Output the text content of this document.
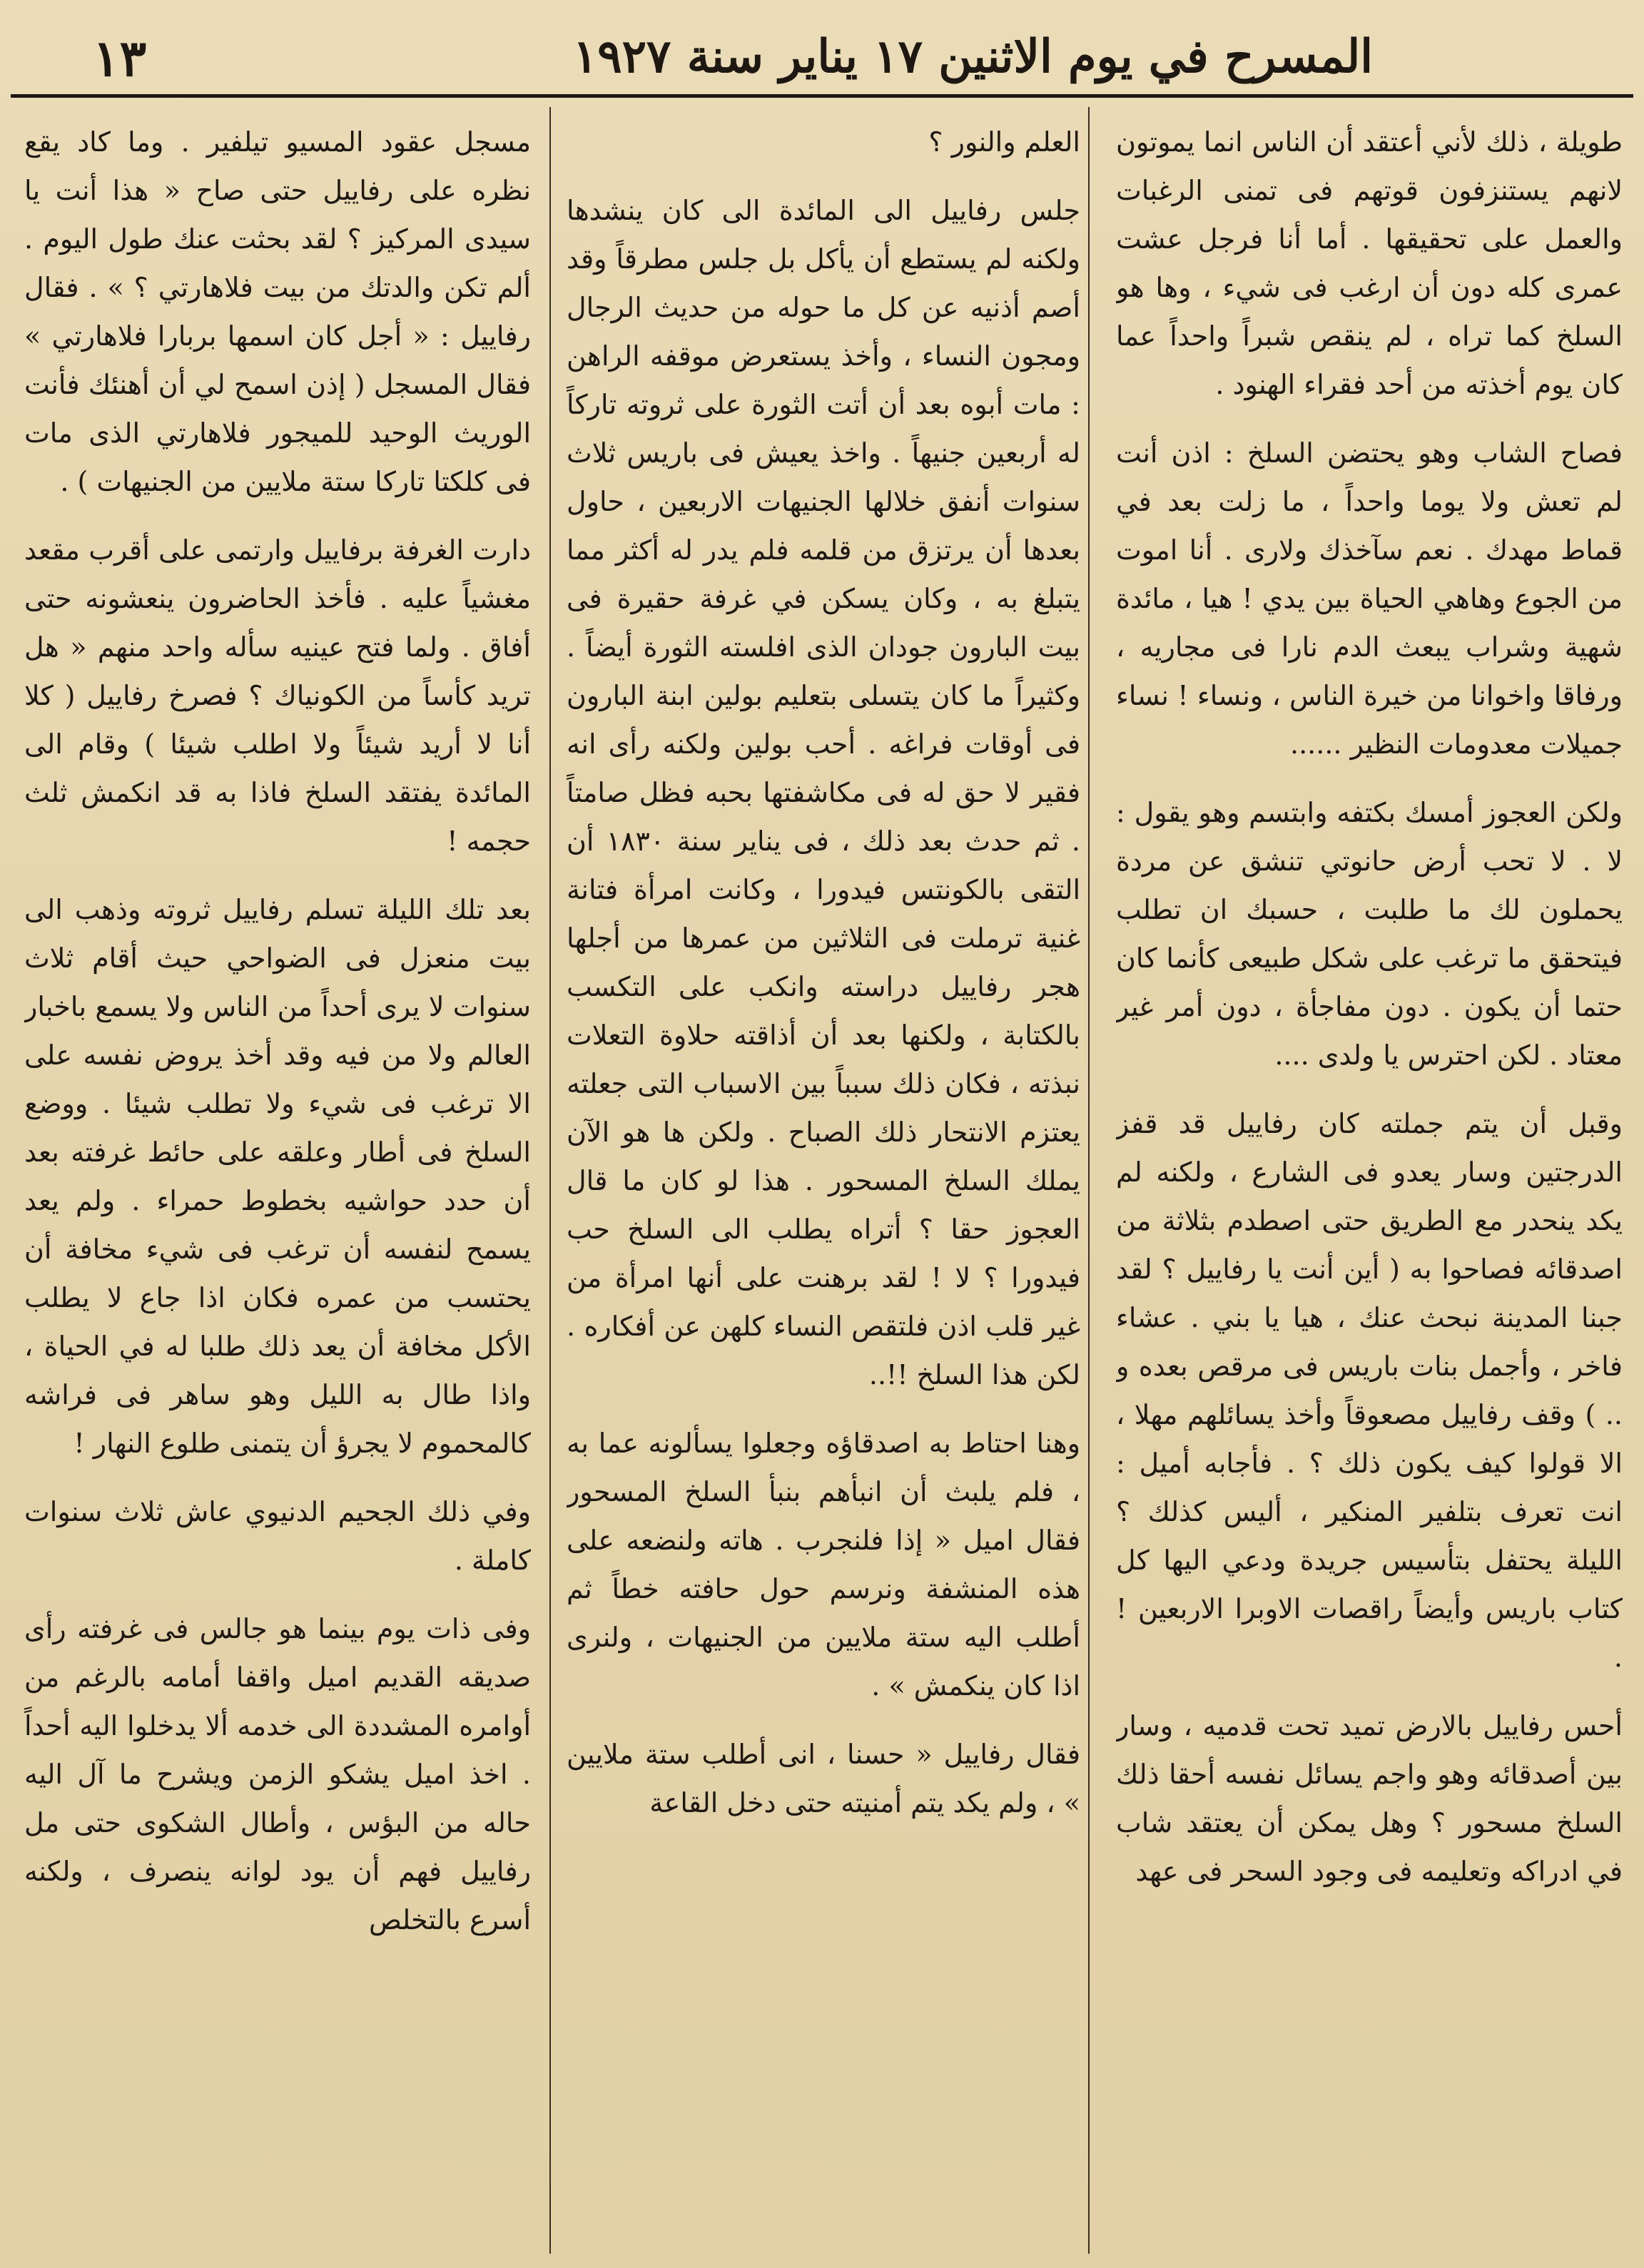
المسرح في يوم الاثنين ١٧ يناير سنة ١٩٢٧
١٣

طويلة ، ذلك لأني أعتقد أن الناس انما يموتون لانهم يستنزفون قوتهم فى تمنى الرغبات والعمل على تحقيقها . أما أنا فرجل عشت عمرى كله دون أن ارغب فى شيء ، وها هو السلخ كما تراه ، لم ينقص شبراً واحداً عما كان يوم أخذته من أحد فقراء الهنود .

فصاح الشاب وهو يحتضن السلخ : اذن أنت لم تعش ولا يوما واحداً ، ما زلت بعد في قماط مهدك . نعم سآخذك ولارى . أنا اموت من الجوع وهاهي الحياة بين يدي ! هيا ، مائدة شهية وشراب يبعث الدم نارا فى مجاريه ، ورفاقا واخوانا من خيرة الناس ، ونساء ! نساء جميلات معدومات النظير ......

ولكن العجوز أمسك بكتفه وابتسم وهو يقول : لا . لا تحب أرض حانوتي تنشق عن مردة يحملون لك ما طلبت ، حسبك ان تطلب فيتحقق ما ترغب على شكل طبيعى كأنما كان حتما أن يكون . دون مفاجأة ، دون أمر غير معتاد . لكن احترس يا ولدى ....

وقبل أن يتم جملته كان رفاييل قد قفز الدرجتين وسار يعدو فى الشارع ، ولكنه لم يكد ينحدر مع الطريق حتى اصطدم بثلاثة من اصدقائه فصاحوا به ( أين أنت يا رفاييل ؟ لقد جبنا المدينة نبحث عنك ، هيا يا بني . عشاء فاخر ، وأجمل بنات باريس فى مرقص بعده و .. ) وقف رفاييل مصعوقاً وأخذ يسائلهم مهلا ، الا قولوا كيف يكون ذلك ؟ . فأجابه أميل : انت تعرف بتلفير المنكير ، أليس كذلك ؟ الليلة يحتفل بتأسيس جريدة ودعي اليها كل كتاب باريس وأيضاً راقصات الاوبرا الاربعين ! .

أحس رفاييل بالارض تميد تحت قدميه ، وسار بين أصدقائه وهو واجم يسائل نفسه أحقا ذلك السلخ مسحور ؟ وهل يمكن أن يعتقد شاب في ادراكه وتعليمه فى وجود السحر فى عهد

العلم والنور ؟

جلس رفاييل الى المائدة الى كان ينشدها ولكنه لم يستطع أن يأكل بل جلس مطرقاً وقد أصم أذنيه عن كل ما حوله من حديث الرجال ومجون النساء ، وأخذ يستعرض موقفه الراهن : مات أبوه بعد أن أتت الثورة على ثروته تاركاً له أربعين جنيهاً . واخذ يعيش فى باريس ثلاث سنوات أنفق خلالها الجنيهات الاربعين ، حاول بعدها أن يرتزق من قلمه فلم يدر له أكثر مما يتبلغ به ، وكان يسكن في غرفة حقيرة فى بيت البارون جودان الذى افلسته الثورة أيضاً . وكثيراً ما كان يتسلى بتعليم بولين ابنة البارون فى أوقات فراغه . أحب بولين ولكنه رأى انه فقير لا حق له فى مكاشفتها بحبه فظل صامتاً . ثم حدث بعد ذلك ، فى يناير سنة ١٨٣٠ أن التقى بالكونتس فيدورا ، وكانت امرأة فتانة غنية ترملت فى الثلاثين من عمرها من أجلها هجر رفاييل دراسته وانكب على التكسب بالكتابة ، ولكنها بعد أن أذاقته حلاوة التعلات نبذته ، فكان ذلك سبباً بين الاسباب التى جعلته يعتزم الانتحار ذلك الصباح . ولكن ها هو الآن يملك السلخ المسحور . هذا لو كان ما قال العجوز حقا ؟ أتراه يطلب الى السلخ حب فيدورا ؟ لا ! لقد برهنت على أنها امرأة من غير قلب اذن فلتقص النساء كلهن عن أفكاره . لكن هذا السلخ !!..

وهنا احتاط به اصدقاؤه وجعلوا يسألونه عما به ، فلم يلبث أن انبأهم بنبأ السلخ المسحور فقال اميل « إذا فلنجرب . هاته ولنضعه على هذه المنشفة ونرسم حول حافته خطاً ثم أطلب اليه ستة ملايين من الجنيهات ، ولنرى اذا كان ينكمش » .

فقال رفاييل « حسنا ، انى أطلب ستة ملايين » ، ولم يكد يتم أمنيته حتى دخل القاعة

مسجل عقود المسيو تيلفير . وما كاد يقع نظره على رفاييل حتى صاح « هذا أنت يا سيدى المركيز ؟ لقد بحثت عنك طول اليوم . ألم تكن والدتك من بيت فلاهارتي ؟ » . فقال رفاييل : « أجل كان اسمها بربارا فلاهارتي » فقال المسجل ( إذن اسمح لي أن أهنئك فأنت الوريث الوحيد للميجور فلاهارتي الذى مات فى كلكتا تاركا ستة ملايين من الجنيهات ) .

دارت الغرفة برفاييل وارتمى على أقرب مقعد مغشياً عليه . فأخذ الحاضرون ينعشونه حتى أفاق . ولما فتح عينيه سأله واحد منهم « هل تريد كأساً من الكونياك ؟ فصرخ رفاييل ( كلا أنا لا أريد شيئاً ولا اطلب شيئا ) وقام الى المائدة يفتقد السلخ فاذا به قد انكمش ثلث حجمه !

بعد تلك الليلة تسلم رفاييل ثروته وذهب الى بيت منعزل فى الضواحي حيث أقام ثلاث سنوات لا يرى أحداً من الناس ولا يسمع باخبار العالم ولا من فيه وقد أخذ يروض نفسه على الا ترغب فى شيء ولا تطلب شيئا . ووضع السلخ فى أطار وعلقه على حائط غرفته بعد أن حدد حواشيه بخطوط حمراء . ولم يعد يسمح لنفسه أن ترغب فى شيء مخافة أن يحتسب من عمره فكان اذا جاع لا يطلب الأكل مخافة أن يعد ذلك طلبا له في الحياة ، واذا طال به الليل وهو ساهر فى فراشه كالمحموم لا يجرؤ أن يتمنى طلوع النهار !

وفي ذلك الجحيم الدنيوي عاش ثلاث سنوات كاملة .

وفى ذات يوم بينما هو جالس فى غرفته رأى صديقه القديم اميل واقفا أمامه بالرغم من أوامره المشددة الى خدمه ألا يدخلوا اليه أحداً . اخذ اميل يشكو الزمن ويشرح ما آل اليه حاله من البؤس ، وأطال الشكوى حتى مل رفاييل فهم أن يود لوانه ينصرف ، ولكنه أسرع بالتخلص
